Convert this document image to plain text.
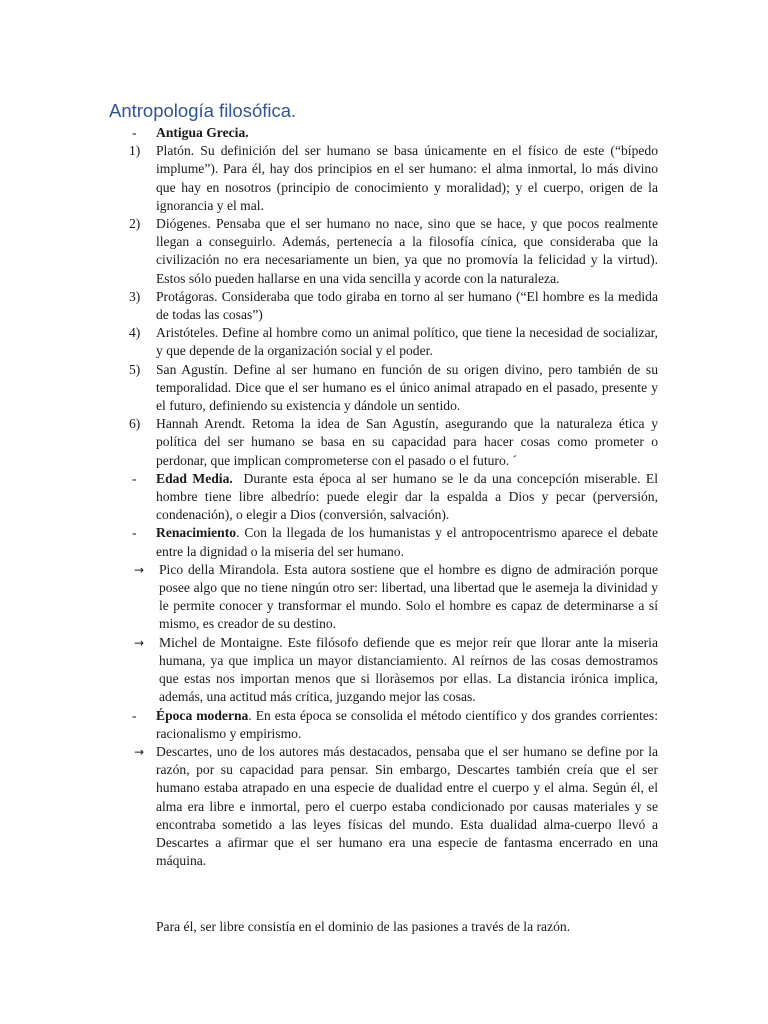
Antropología filosófica.
-	Antigua Grecia.
1)	Platón. Su definición del ser humano se basa únicamente en el físico de este (“bípedo implume”). Para él, hay dos principios en el ser humano: el alma inmortal, lo más divino que hay en nosotros (principio de conocimiento y moralidad); y el cuerpo, origen de la ignorancia y el mal.
2)	Diógenes. Pensaba que el ser humano no nace, sino que se hace, y que pocos realmente llegan a conseguirlo. Además, pertenecía a la filosofía cínica, que consideraba que la civilización no era necesariamente un bien, ya que no promovía la felicidad y la virtud). Estos sólo pueden hallarse en una vida sencilla y acorde con la naturaleza.
3)	Protágoras. Consideraba que todo giraba en torno al ser humano (“El hombre es la medida de todas las cosas”)
4)	Aristóteles. Define al hombre como un animal político, que tiene la necesidad de socializar, y que depende de la organización social y el poder.
5)	San Agustín. Define al ser humano en función de su origen divino, pero también de su temporalidad. Dice que el ser humano es el único animal atrapado en el pasado, presente y el futuro, definiendo su existencia y dándole un sentido.
6)	Hannah Arendt. Retoma la idea de San Agustín, asegurando que la naturaleza ética y política del ser humano se basa en su capacidad para hacer cosas como prometer o perdonar, que implican comprometerse con el pasado o el futuro. ´
-	Edad Media.  Durante esta época al ser humano se le da una concepción miserable. El hombre tiene libre albedrío: puede elegir dar la espalda a Dios y pecar (perversión, condenación), o elegir a Dios (conversión, salvación).
-	Renacimiento. Con la llegada de los humanistas y el antropocentrismo aparece el debate entre la dignidad o la miseria del ser humano.
→	Pico della Mirandola. Esta autora sostiene que el hombre es digno de admiración porque posee algo que no tiene ningún otro ser: libertad, una libertad que le asemeja la divinidad y le permite conocer y transformar el mundo. Solo el hombre es capaz de determinarse a sí mismo, es creador de su destino.
→	Michel de Montaigne. Este filósofo defiende que es mejor reír que llorar ante la miseria humana, ya que implica un mayor distanciamiento. Al reírnos de las cosas demostramos que estas nos importan menos que si lloràsemos por ellas. La distancia irónica implica, además, una actitud más crítica, juzgando mejor las cosas.
-	Época moderna. En esta época se consolida el método científico y dos grandes corrientes: racionalismo y empirismo.
→ Descartes, uno de los autores más destacados, pensaba que el ser humano se define por la razón, por su capacidad para pensar. Sin embargo, Descartes también creía que el ser humano estaba atrapado en una especie de dualidad entre el cuerpo y el alma. Según él, el alma era libre e inmortal, pero el cuerpo estaba condicionado por causas materiales y se encontraba sometido a las leyes físicas del mundo. Esta dualidad alma-cuerpo llevó a Descartes a afirmar que el ser humano era una especie de fantasma encerrado en una máquina.

Para él, ser libre consistía en el dominio de las pasiones a través de la razón.
